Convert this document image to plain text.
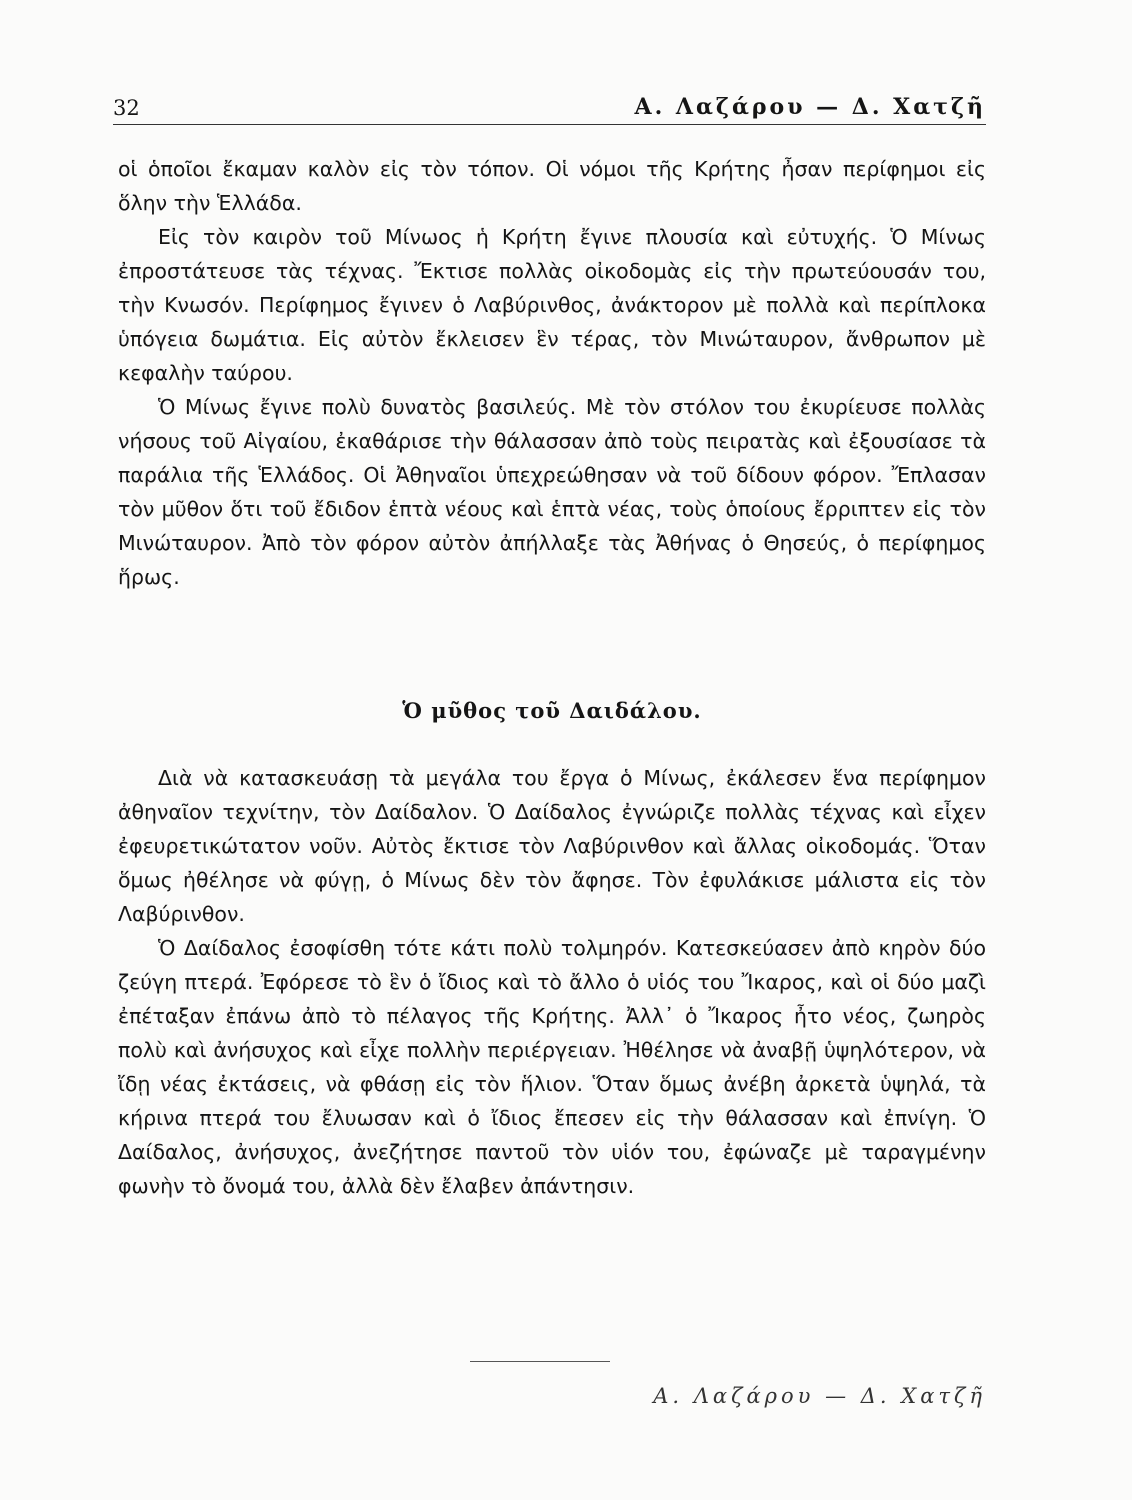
32	Α. Λαζάρου — Δ. Χατζῆ

οἱ ὁποῖοι ἔκαμαν καλὸν εἰς τὸν τόπον. Οἱ νόμοι τῆς Κρήτης ἦσαν περίφημοι εἰς ὅλην τὴν Ἑλλάδα.

Εἰς τὸν καιρὸν τοῦ Μίνωος ἡ Κρήτη ἔγινε πλουσία καὶ εὐτυχής. Ὁ Μίνως ἐπροστάτευσε τὰς τέχνας. Ἔκτισε πολλὰς οἰκοδομὰς εἰς τὴν πρωτεύουσάν του, τὴν Κνωσόν. Περίφημος ἔγινεν ὁ Λαβύρινθος, ἀνάκτορον μὲ πολλὰ καὶ περίπλοκα ὑπόγεια δωμάτια. Εἰς αὐτὸν ἔκλεισεν ἓν τέρας, τὸν Μινώταυρον, ἄνθρωπον μὲ κεφαλὴν ταύρου.

Ὁ Μίνως ἔγινε πολὺ δυνατὸς βασιλεύς. Μὲ τὸν στόλον του ἐκυρίευσε πολλὰς νήσους τοῦ Αἰγαίου, ἐκαθάρισε τὴν θάλασσαν ἀπὸ τοὺς πειρατὰς καὶ ἐξουσίασε τὰ παράλια τῆς Ἑλλάδος. Οἱ Ἀθηναῖοι ὑπεχρεώθησαν νὰ τοῦ δίδουν φόρον. Ἔπλασαν τὸν μῦθον ὅτι τοῦ ἔδιδον ἑπτὰ νέους καὶ ἑπτὰ νέας, τοὺς ὁποίους ἔρριπτεν εἰς τὸν Μινώταυρον. Ἀπὸ τὸν φόρον αὐτὸν ἀπήλλαξε τὰς Ἀθήνας ὁ Θησεύς, ὁ περίφημος ἥρως.

Ὁ μῦθος τοῦ Δαιδάλου.

Διὰ νὰ κατασκευάσῃ τὰ μεγάλα του ἔργα ὁ Μίνως, ἐκάλεσεν ἕνα περίφημον ἀθηναῖον τεχνίτην, τὸν Δαίδαλον. Ὁ Δαίδαλος ἐγνώριζε πολλὰς τέχνας καὶ εἶχεν ἐφευρετικώτατον νοῦν. Αὐτὸς ἔκτισε τὸν Λαβύρινθον καὶ ἄλλας οἰκοδομάς. Ὅταν ὅμως ἠθέλησε νὰ φύγῃ, ὁ Μίνως δὲν τὸν ἄφησε. Τὸν ἐφυλάκισε μάλιστα εἰς τὸν Λαβύρινθον.

Ὁ Δαίδαλος ἐσοφίσθη τότε κάτι πολὺ τολμηρόν. Κατεσκεύασεν ἀπὸ κηρὸν δύο ζεύγη πτερά. Ἐφόρεσε τὸ ἓν ὁ ἴδιος καὶ τὸ ἄλλο ὁ υἱός του Ἴκαρος, καὶ οἱ δύο μαζὶ ἐπέταξαν ἐπάνω ἀπὸ τὸ πέλαγος τῆς Κρήτης. Ἀλλ᾽ ὁ Ἴκαρος ἦτο νέος, ζωηρὸς πολὺ καὶ ἀνήσυχος καὶ εἶχε πολλὴν περιέργειαν. Ἠθέλησε νὰ ἀναβῇ ὑψηλότερον, νὰ ἴδῃ νέας ἐκτάσεις, νὰ φθάσῃ εἰς τὸν ἥλιον. Ὅταν ὅμως ἀνέβη ἀρκετὰ ὑψηλά, τὰ κήρινα πτερά του ἔλυωσαν καὶ ὁ ἴδιος ἔπεσεν εἰς τὴν θάλασσαν καὶ ἐπνίγη. Ὁ Δαίδαλος, ἀνήσυχος, ἀνεζήτησε παντοῦ τὸν υἱόν του, ἐφώναζε μὲ ταραγμένην φωνὴν τὸ ὄνομά του, ἀλλὰ δὲν ἔλαβεν ἀπάντησιν.

Α. Λαζάρου — Δ. Χατζῆ
